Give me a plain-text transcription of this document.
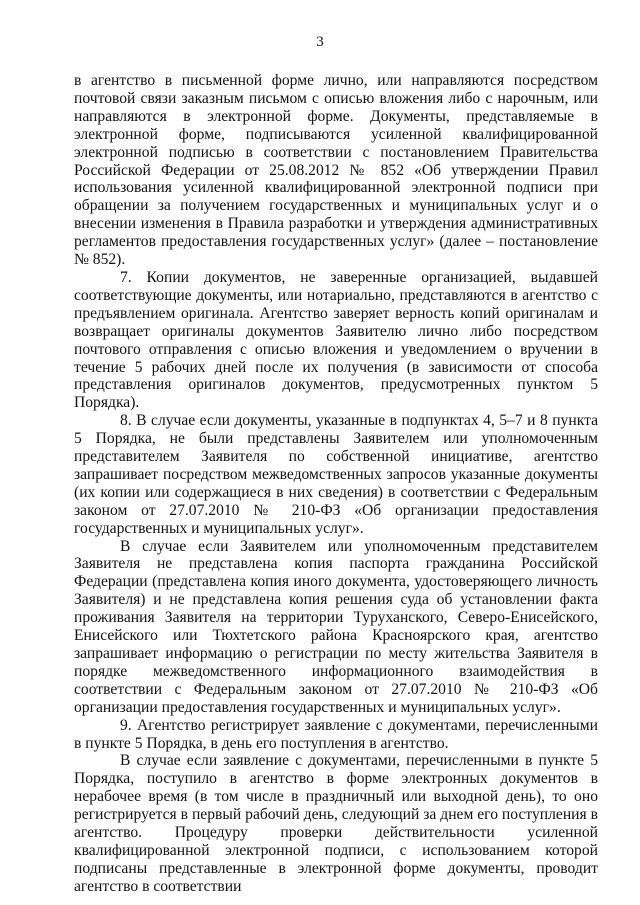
3

в агентство в письменной форме лично, или направляются посредством почтовой связи заказным письмом с описью вложения либо с нарочным, или направляются в электронной форме. Документы, представляемые в электронной форме, подписываются усиленной квалифицированной электронной подписью в соответствии с постановлением Правительства Российской Федерации от 25.08.2012 № 852 «Об утверждении Правил использования усиленной квалифицированной электронной подписи при обращении за получением государственных и муниципальных услуг и о внесении изменения в Правила разработки и утверждения административных регламентов предоставления государственных услуг» (далее – постановление № 852).

7. Копии документов, не заверенные организацией, выдавшей соответствующие документы, или нотариально, представляются в агентство с предъявлением оригинала. Агентство заверяет верность копий оригиналам и возвращает оригиналы документов Заявителю лично либо посредством почтового отправления с описью вложения и уведомлением о вручении в течение 5 рабочих дней после их получения (в зависимости от способа представления оригиналов документов, предусмотренных пунктом 5 Порядка).

8. В случае если документы, указанные в подпунктах 4, 5–7 и 8 пункта 5 Порядка, не были представлены Заявителем или уполномоченным представителем Заявителя по собственной инициативе, агентство запрашивает посредством межведомственных запросов указанные документы (их копии или содержащиеся в них сведения) в соответствии с Федеральным законом от 27.07.2010 № 210-ФЗ «Об организации предоставления государственных и муниципальных услуг».

В случае если Заявителем или уполномоченным представителем Заявителя не представлена копия паспорта гражданина Российской Федерации (представлена копия иного документа, удостоверяющего личность Заявителя) и не представлена копия решения суда об установлении факта проживания Заявителя на территории Туруханского, Северо-Енисейского, Енисейского или Тюхтетского района Красноярского края, агентство запрашивает информацию о регистрации по месту жительства Заявителя в порядке межведомственного информационного взаимодействия в соответствии с Федеральным законом от 27.07.2010 № 210-ФЗ «Об организации предоставления государственных и муниципальных услуг».

9. Агентство регистрирует заявление с документами, перечисленными в пункте 5 Порядка, в день его поступления в агентство.

В случае если заявление с документами, перечисленными в пункте 5 Порядка, поступило в агентство в форме электронных документов в нерабочее время (в том числе в праздничный или выходной день), то оно регистрируется в первый рабочий день, следующий за днем его поступления в агентство. Процедуру проверки действительности усиленной квалифицированной электронной подписи, с использованием которой подписаны представленные в электронной форме документы, проводит агентство в соответствии
